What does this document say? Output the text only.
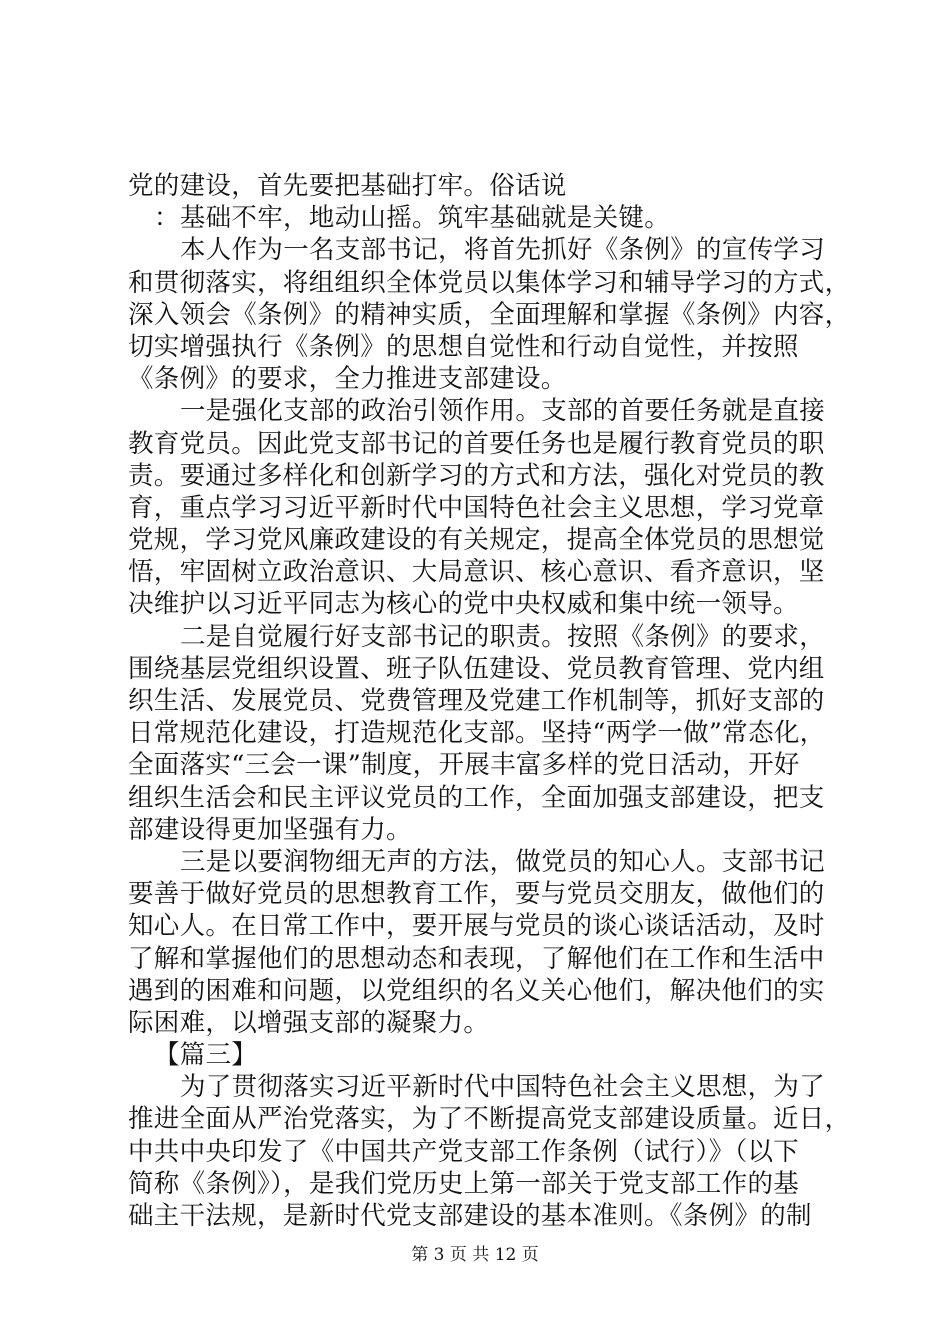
党的建设，首先要把基础打牢。俗话说
：基础不牢，地动山摇。筑牢基础就是关键。
本人作为一名支部书记，将首先抓好《条例》的宣传学习
和贯彻落实，将组组织全体党员以集体学习和辅导学习的方式，
深入领会《条例》的精神实质，全面理解和掌握《条例》内容，
切实增强执行《条例》的思想自觉性和行动自觉性，并按照
《条例》的要求，全力推进支部建设。
一是强化支部的政治引领作用。支部的首要任务就是直接
教育党员。因此党支部书记的首要任务也是履行教育党员的职
责。要通过多样化和创新学习的方式和方法，强化对党员的教
育，重点学习习近平新时代中国特色社会主义思想，学习党章
党规，学习党风廉政建设的有关规定，提高全体党员的思想觉
悟，牢固树立政治意识、大局意识、核心意识、看齐意识，坚
决维护以习近平同志为核心的党中央权威和集中统一领导。
二是自觉履行好支部书记的职责。按照《条例》的要求，
围绕基层党组织设置、班子队伍建设、党员教育管理、党内组
织生活、发展党员、党费管理及党建工作机制等，抓好支部的
日常规范化建设，打造规范化支部。坚持“两学一做”常态化，
全面落实“三会一课”制度，开展丰富多样的党日活动，开好
组织生活会和民主评议党员的工作，全面加强支部建设，把支
部建设得更加坚强有力。
三是以要润物细无声的方法，做党员的知心人。支部书记
要善于做好党员的思想教育工作，要与党员交朋友，做他们的
知心人。在日常工作中，要开展与党员的谈心谈话活动，及时
了解和掌握他们的思想动态和表现，了解他们在工作和生活中
遇到的困难和问题，以党组织的名义关心他们，解决他们的实
际困难，以增强支部的凝聚力。
【篇三】
为了贯彻落实习近平新时代中国特色社会主义思想，为了
推进全面从严治党落实，为了不断提高党支部建设质量。近日，
中共中央印发了《中国共产党支部工作条例（试行）》（以下
简称《条例》），是我们党历史上第一部关于党支部工作的基
础主干法规，是新时代党支部建设的基本准则。《条例》的制
第 3 页 共 12 页
